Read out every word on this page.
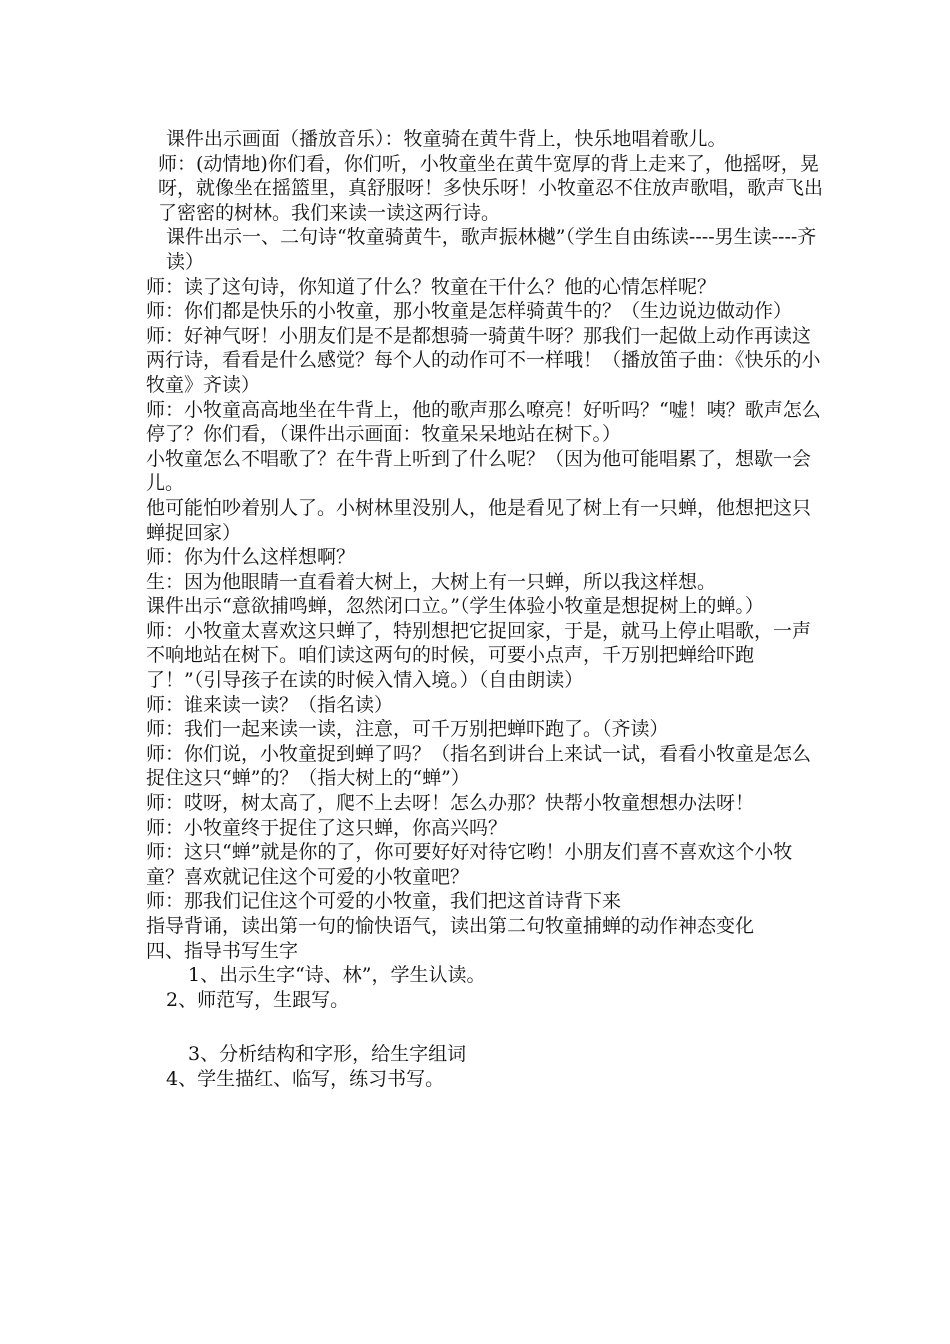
课件出示画面（播放音乐）：牧童骑在黄牛背上，快乐地唱着歌儿。

师：(动情地)你们看，你们听，小牧童坐在黄牛宽厚的背上走来了，他摇呀，晃呀，就像坐在摇篮里，真舒服呀！多快乐呀！小牧童忍不住放声歌唱，歌声飞出了密密的树林。我们来读一读这两行诗。

课件出示一、二句诗“牧童骑黄牛，歌声振林樾”（学生自由练读----男生读----齐读）

师：读了这句诗，你知道了什么？牧童在干什么？他的心情怎样呢？

师：你们都是快乐的小牧童，那小牧童是怎样骑黄牛的？（生边说边做动作）

师：好神气呀！小朋友们是不是都想骑一骑黄牛呀？那我们一起做上动作再读这两行诗，看看是什么感觉？每个人的动作可不一样哦！（播放笛子曲：《快乐的小牧童》齐读）

师：小牧童高高地坐在牛背上，他的歌声那么嘹亮！好听吗？“嘘！咦？歌声怎么停了？你们看，（课件出示画面：牧童呆呆地站在树下。）

小牧童怎么不唱歌了？在牛背上听到了什么呢？（因为他可能唱累了，想歇一会儿。

他可能怕吵着别人了。小树林里没别人，他是看见了树上有一只蝉，他想把这只蝉捉回家）

师：你为什么这样想啊？

生：因为他眼睛一直看着大树上，大树上有一只蝉，所以我这样想。

课件出示“意欲捕鸣蝉，忽然闭口立。”（学生体验小牧童是想捉树上的蝉。）

师：小牧童太喜欢这只蝉了，特别想把它捉回家，于是，就马上停止唱歌，一声不响地站在树下。咱们读这两句的时候，可要小点声，千万别把蝉给吓跑了！”（引导孩子在读的时候入情入境。）（自由朗读）

师：谁来读一读？（指名读）

师：我们一起来读一读，注意，可千万别把蝉吓跑了。（齐读）

师：你们说，小牧童捉到蝉了吗？（指名到讲台上来试一试，看看小牧童是怎么捉住这只“蝉”的？（指大树上的“蝉”）

师：哎呀，树太高了，爬不上去呀！怎么办那？快帮小牧童想想办法呀！

师：小牧童终于捉住了这只蝉，你高兴吗？

师：这只“蝉”就是你的了，你可要好好对待它哟！小朋友们喜不喜欢这个小牧童？喜欢就记住这个可爱的小牧童吧？

师：那我们记住这个可爱的小牧童，我们把这首诗背下来

指导背诵，读出第一句的愉快语气，读出第二句牧童捕蝉的动作神态变化

四、指导书写生字

1、出示生字“诗、林”，学生认读。

2、师范写，生跟写。

3、分析结构和字形，给生字组词

4、学生描红、临写，练习书写。
